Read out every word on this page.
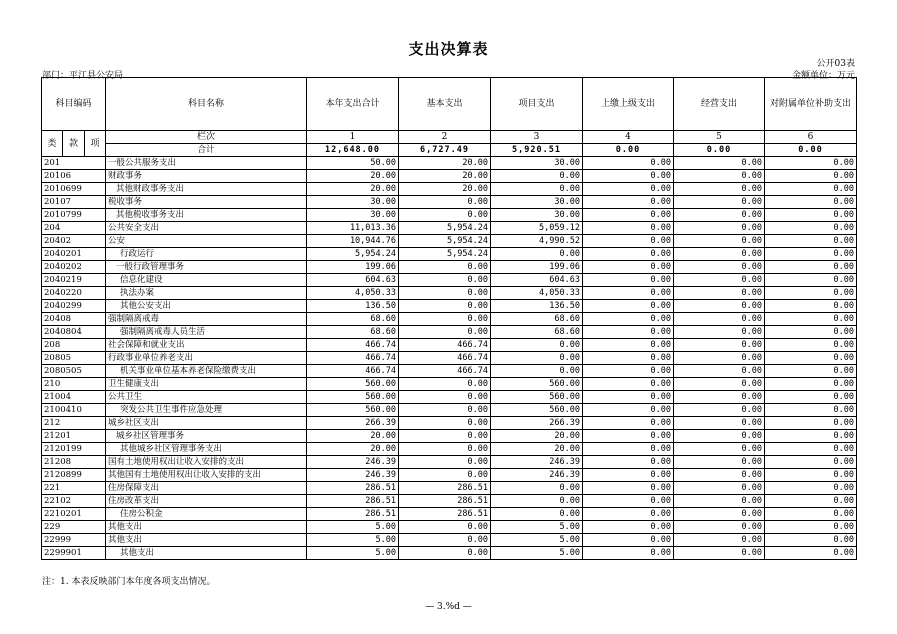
支出决算表
公开03表
部门：平江县公安局	金额单位：万元
科目编码			科目名称	本年支出合计	基本支出	项目支出	上缴上级支出	经营支出	对附属单位补助支出
类	款	项	栏次	1	2	3	4	5	6
			合计	12,648.00	6,727.49	5,920.51	0.00	0.00	0.00
201			一般公共服务支出	50.00	20.00	30.00	0.00	0.00	0.00
20106			财政事务	20.00	20.00	0.00	0.00	0.00	0.00
2010699			其他财政事务支出	20.00	20.00	0.00	0.00	0.00	0.00
20107			税收事务	30.00	0.00	30.00	0.00	0.00	0.00
2010799			其他税收事务支出	30.00	0.00	30.00	0.00	0.00	0.00
204			公共安全支出	11,013.36	5,954.24	5,059.12	0.00	0.00	0.00
20402			公安	10,944.76	5,954.24	4,990.52	0.00	0.00	0.00
2040201			行政运行	5,954.24	5,954.24	0.00	0.00	0.00	0.00
2040202			一般行政管理事务	199.06	0.00	199.06	0.00	0.00	0.00
2040219			信息化建设	604.63	0.00	604.63	0.00	0.00	0.00
2040220			执法办案	4,050.33	0.00	4,050.33	0.00	0.00	0.00
2040299			其他公安支出	136.50	0.00	136.50	0.00	0.00	0.00
20408			强制隔离戒毒	68.60	0.00	68.60	0.00	0.00	0.00
2040804			强制隔离戒毒人员生活	68.60	0.00	68.60	0.00	0.00	0.00
208			社会保障和就业支出	466.74	466.74	0.00	0.00	0.00	0.00
20805			行政事业单位养老支出	466.74	466.74	0.00	0.00	0.00	0.00
2080505			机关事业单位基本养老保险缴费支出	466.74	466.74	0.00	0.00	0.00	0.00
210			卫生健康支出	560.00	0.00	560.00	0.00	0.00	0.00
21004			公共卫生	560.00	0.00	560.00	0.00	0.00	0.00
2100410			突发公共卫生事件应急处理	560.00	0.00	560.00	0.00	0.00	0.00
212			城乡社区支出	266.39	0.00	266.39	0.00	0.00	0.00
21201			城乡社区管理事务	20.00	0.00	20.00	0.00	0.00	0.00
2120199			其他城乡社区管理事务支出	20.00	0.00	20.00	0.00	0.00	0.00
21208			国有土地使用权出让收入安排的支出	246.39	0.00	246.39	0.00	0.00	0.00
2120899			其他国有土地使用权出让收入安排的支出	246.39	0.00	246.39	0.00	0.00	0.00
221			住房保障支出	286.51	286.51	0.00	0.00	0.00	0.00
22102			住房改革支出	286.51	286.51	0.00	0.00	0.00	0.00
2210201			住房公积金	286.51	286.51	0.00	0.00	0.00	0.00
229			其他支出	5.00	0.00	5.00	0.00	0.00	0.00
22999			其他支出	5.00	0.00	5.00	0.00	0.00	0.00
2299901			其他支出	5.00	0.00	5.00	0.00	0.00	0.00
注：1. 本表反映部门本年度各项支出情况。
— 3.%d —
